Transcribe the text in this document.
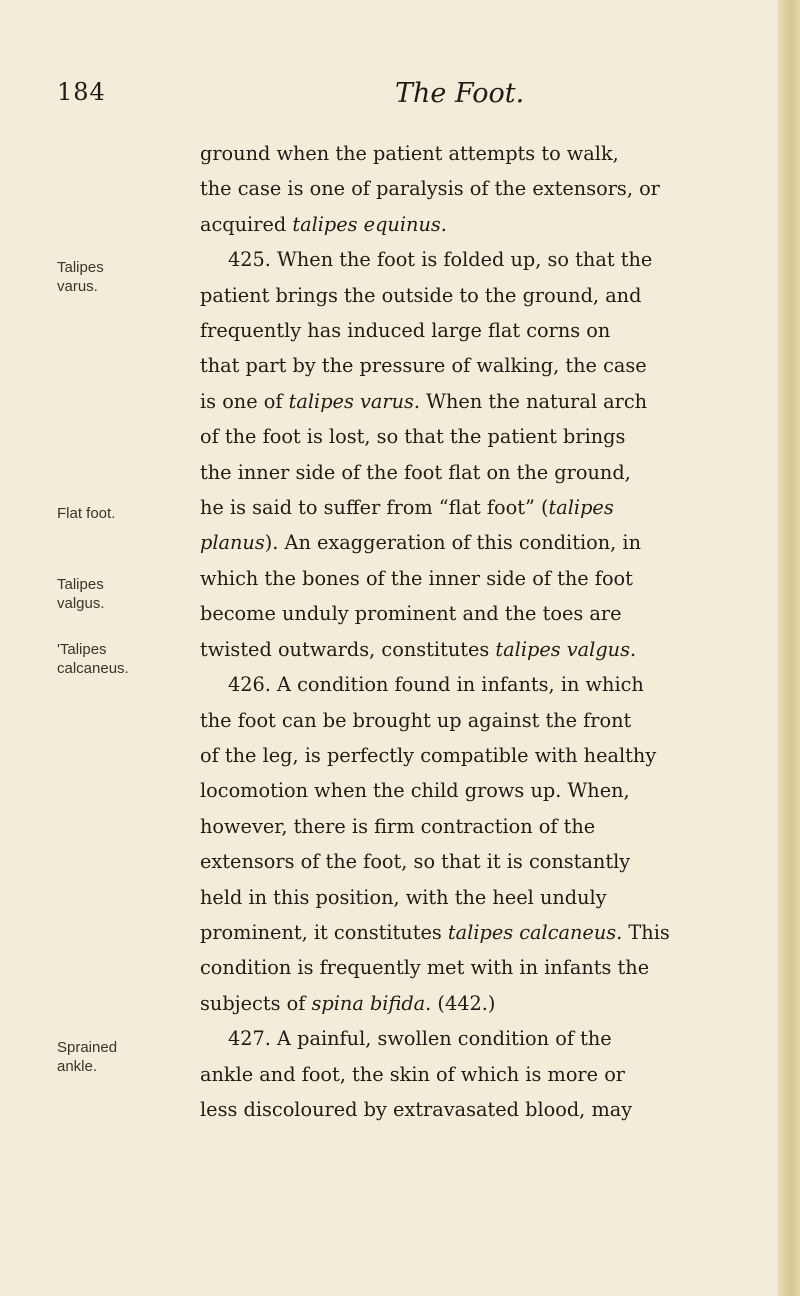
184	The Foot.
Talipes
varus.
Flat foot.
Talipes
valgus.
'Talipes
calcaneus.
Sprained
ankle.
ground when the patient attempts to walk,
the case is one of paralysis of the extensors, or
acquired talipes equinus.
425. When the foot is folded up, so that the
patient brings the outside to the ground, and
frequently has induced large flat corns on
that part by the pressure of walking, the case
is one of talipes varus. When the natural arch
of the foot is lost, so that the patient brings
the inner side of the foot flat on the ground,
he is said to suffer from “flat foot” (talipes
planus). An exaggeration of this condition, in
which the bones of the inner side of the foot
become unduly prominent and the toes are
twisted outwards, constitutes talipes valgus.
426. A condition found in infants, in which
the foot can be brought up against the front
of the leg, is perfectly compatible with healthy
locomotion when the child grows up. When,
however, there is firm contraction of the
extensors of the foot, so that it is constantly
held in this position, with the heel unduly
prominent, it constitutes talipes calcaneus. This
condition is frequently met with in infants the
subjects of spina bifida. (442.)
427. A painful, swollen condition of the
ankle and foot, the skin of which is more or
less discoloured by extravasated blood, may
